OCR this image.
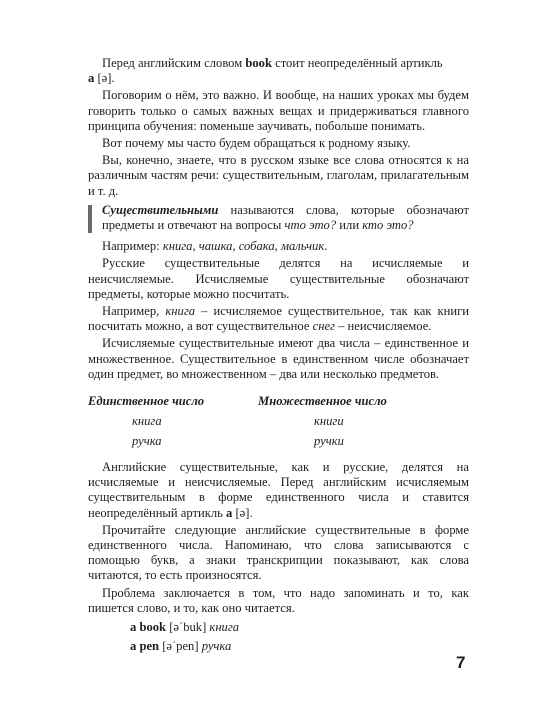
Перед английским словом book стоит неопределённый артикль
a [ə].

Поговорим о нём, это важно. И вообще, на наших уроках мы будем говорить только о самых важных вещах и придерживаться главного принципа обучения: поменьше заучивать, побольше понимать.

Вот почему мы часто будем обращаться к родному языку.

Вы, конечно, знаете, что в русском языке все слова относятся к на различным частям речи: существительным, глаголам, прилагательным и т. д.

Существительными называются слова, которые обозначают предметы и отвечают на вопросы что это? или кто это?

Например: книга, чашка, собака, мальчик.

Русские существительные делятся на исчисляемые и неисчисляемые. Исчисляемые существительные обозначают предметы, которые можно посчитать.

Например, книга – исчисляемое существительное, так как книги посчитать можно, а вот существительное снег – неисчисляемое.

Исчисляемые существительные имеют два числа – единственное и множественное. Существительное в единственном числе обозначает один предмет, во множественном – два или несколько предметов.

Единственное число	Множественное число
книга	книги
ручка	ручки

Английские существительные, как и русские, делятся на исчисляемые и неисчисляемые. Перед английским исчисляемым существительным в форме единственного числа и ставится неопределённый артикль a [ə].

Прочитайте следующие английские существительные в форме единственного числа. Напоминаю, что слова записываются с помощью букв, а знаки транскрипции показывают, как слова читаются, то есть произносятся.

Проблема заключается в том, что надо запоминать и то, как пишется слово, и то, как оно читается.

a book [əˈbuk] книга

a pen [əˈpen] ручка

7
